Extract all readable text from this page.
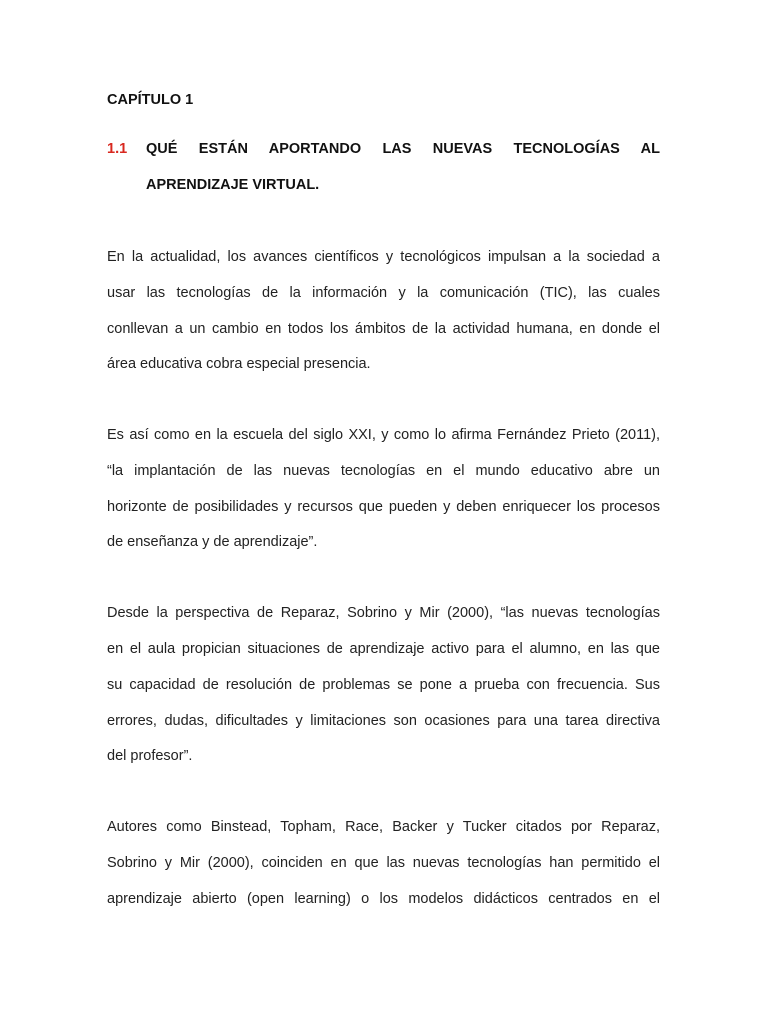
CAPÍTULO 1
1.1 QUÉ ESTÁN APORTANDO LAS NUEVAS TECNOLOGÍAS AL
APRENDIZAJE VIRTUAL.
En la actualidad, los avances científicos y tecnológicos impulsan a la sociedad a
usar las tecnologías de la información y la comunicación (TIC), las cuales
conllevan a un cambio en todos los ámbitos de la actividad humana, en donde el
área educativa cobra especial presencia.
Es así como en la escuela del siglo XXI, y como lo afirma Fernández Prieto (2011),
“la implantación de las nuevas tecnologías en el mundo educativo abre un
horizonte de posibilidades y recursos que pueden y deben enriquecer los procesos
de enseñanza y de aprendizaje”.
Desde la perspectiva de Reparaz, Sobrino y Mir (2000), “las nuevas tecnologías
en el aula propician situaciones de aprendizaje activo para el alumno, en las que
su capacidad de resolución de problemas se pone a prueba con frecuencia. Sus
errores, dudas, dificultades y limitaciones son ocasiones para una tarea directiva
del profesor”.
Autores como Binstead, Topham, Race, Backer y Tucker citados por Reparaz,
Sobrino y Mir (2000), coinciden en que las nuevas tecnologías han permitido el
aprendizaje abierto (open learning) o los modelos didácticos centrados en el
